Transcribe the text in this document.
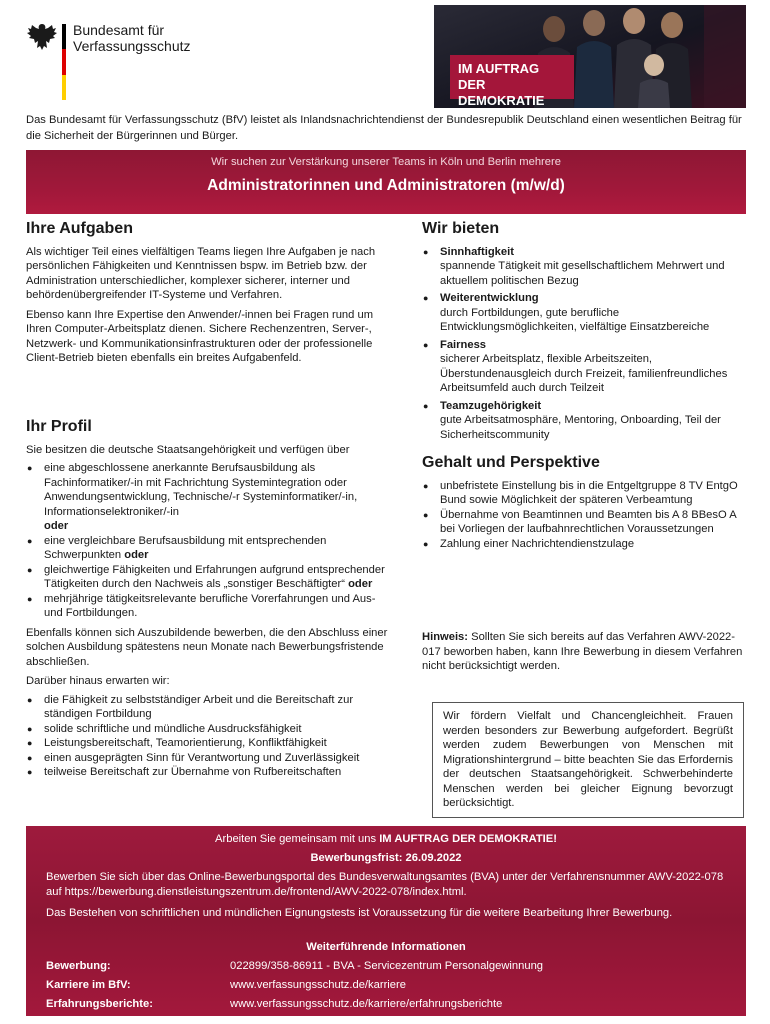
Bundesamt für
Verfassungsschutz
IM AUFTRAG
DER DEMOKRATIE

Das Bundesamt für Verfassungsschutz (BfV) leistet als Inlandsnachrichtendienst der Bundesrepublik Deutschland einen wesentlichen Beitrag für die Sicherheit der Bürgerinnen und Bürger.

Wir suchen zur Verstärkung unserer Teams in Köln und Berlin mehrere
Administratorinnen und Administratoren (m/w/d)
Ihre Aufgaben

Als wichtiger Teil eines vielfältigen Teams liegen Ihre Aufgaben je nach persönlichen Fähigkeiten und Kenntnissen bspw. im Betrieb bzw. der Administration unterschiedlicher, komplexer sicherer, interner und behördenübergreifender IT-Systeme und Verfahren.

Ebenso kann Ihre Expertise den Anwender/-innen bei Fragen rund um Ihren Computer-Arbeitsplatz dienen. Sichere Rechenzentren, Server-, Netzwerk- und Kommunikationsinfrastrukturen oder der professionelle Client-Betrieb bieten ebenfalls ein breites Aufgabenfeld.

Ihr Profil

Sie besitzen die deutsche Staatsangehörigkeit und verfügen über

● eine abgeschlossene anerkannte Berufsausbildung als Fachinformatiker/-in mit Fachrichtung Systemintegration oder Anwendungsentwicklung, Technische/-r Systeminformatiker/-in, Informationselektroniker/-in
oder
● eine vergleichbare Berufsausbildung mit entsprechenden Schwerpunkten oder
● gleichwertige Fähigkeiten und Erfahrungen aufgrund entsprechender Tätigkeiten durch den Nachweis als „sonstiger Beschäftigter“ oder
● mehrjährige tätigkeitsrelevante berufliche Vorerfahrungen und Aus- und Fortbildungen.

Ebenfalls können sich Auszubildende bewerben, die den Abschluss einer solchen Ausbildung spätestens neun Monate nach Bewerbungsfristende abschließen.

Darüber hinaus erwarten wir:

● die Fähigkeit zu selbstständiger Arbeit und die Bereitschaft zur ständigen Fortbildung
● solide schriftliche und mündliche Ausdrucksfähigkeit
● Leistungsbereitschaft, Teamorientierung, Konfliktfähigkeit
● einen ausgeprägten Sinn für Verantwortung und Zuverlässigkeit
● teilweise Bereitschaft zur Übernahme von Rufbereitschaften
Wir bieten
● Sinnhaftigkeit
spannende Tätigkeit mit gesellschaftlichem Mehrwert und aktuellem politischen Bezug
● Weiterentwicklung
durch Fortbildungen, gute berufliche Entwicklungsmöglichkeiten, vielfältige Einsatzbereiche
● Fairness
sicherer Arbeitsplatz, flexible Arbeitszeiten, Überstundenausgleich durch Freizeit, familienfreundliches Arbeitsumfeld auch durch Teilzeit
● Teamzugehörigkeit
gute Arbeitsatmosphäre, Mentoring, Onboarding, Teil der Sicherheitscommunity
Gehalt und Perspektive
● unbefristete Einstellung bis in die Entgeltgruppe 8 TV EntgO Bund sowie Möglichkeit der späteren Verbeamtung
● Übernahme von Beamtinnen und Beamten bis A 8 BBesO A bei Vorliegen der laufbahnrechtlichen Voraussetzungen
● Zahlung einer Nachrichtendienstzulage

Hinweis: Sollten Sie sich bereits auf das Verfahren AWV-2022-017 beworben haben, kann Ihre Bewerbung in diesem Verfahren nicht berücksichtigt werden.

Wir fördern Vielfalt und Chancengleichheit. Frauen werden besonders zur Bewerbung aufgefordert. Begrüßt werden zudem Bewerbungen von Menschen mit Migrationshintergrund – bitte beachten Sie das Erfordernis der deutschen Staatsangehörigkeit. Schwerbehinderte Menschen werden bei gleicher Eignung bevorzugt berücksichtigt.
Arbeiten Sie gemeinsam mit uns IM AUFTRAG DER DEMOKRATIE!
Bewerbungsfrist: 26.09.2022
Bewerben Sie sich über das Online-Bewerbungsportal des Bundesverwaltungsamtes (BVA) unter der Verfahrensnummer AWV-2022-078 auf https://bewerbung.dienstleistungszentrum.de/frontend/AWV-2022-078/index.html.
Das Bestehen von schriftlichen und mündlichen Eignungstests ist Voraussetzung für die weitere Bearbeitung Ihrer Bewerbung.
Weiterführende Informationen
Bewerbung:	022899/358-86911 - BVA - Servicezentrum Personalgewinnung
Karriere im BfV:	www.verfassungsschutz.de/karriere
Erfahrungsberichte:	www.verfassungsschutz.de/karriere/erfahrungsberichte
